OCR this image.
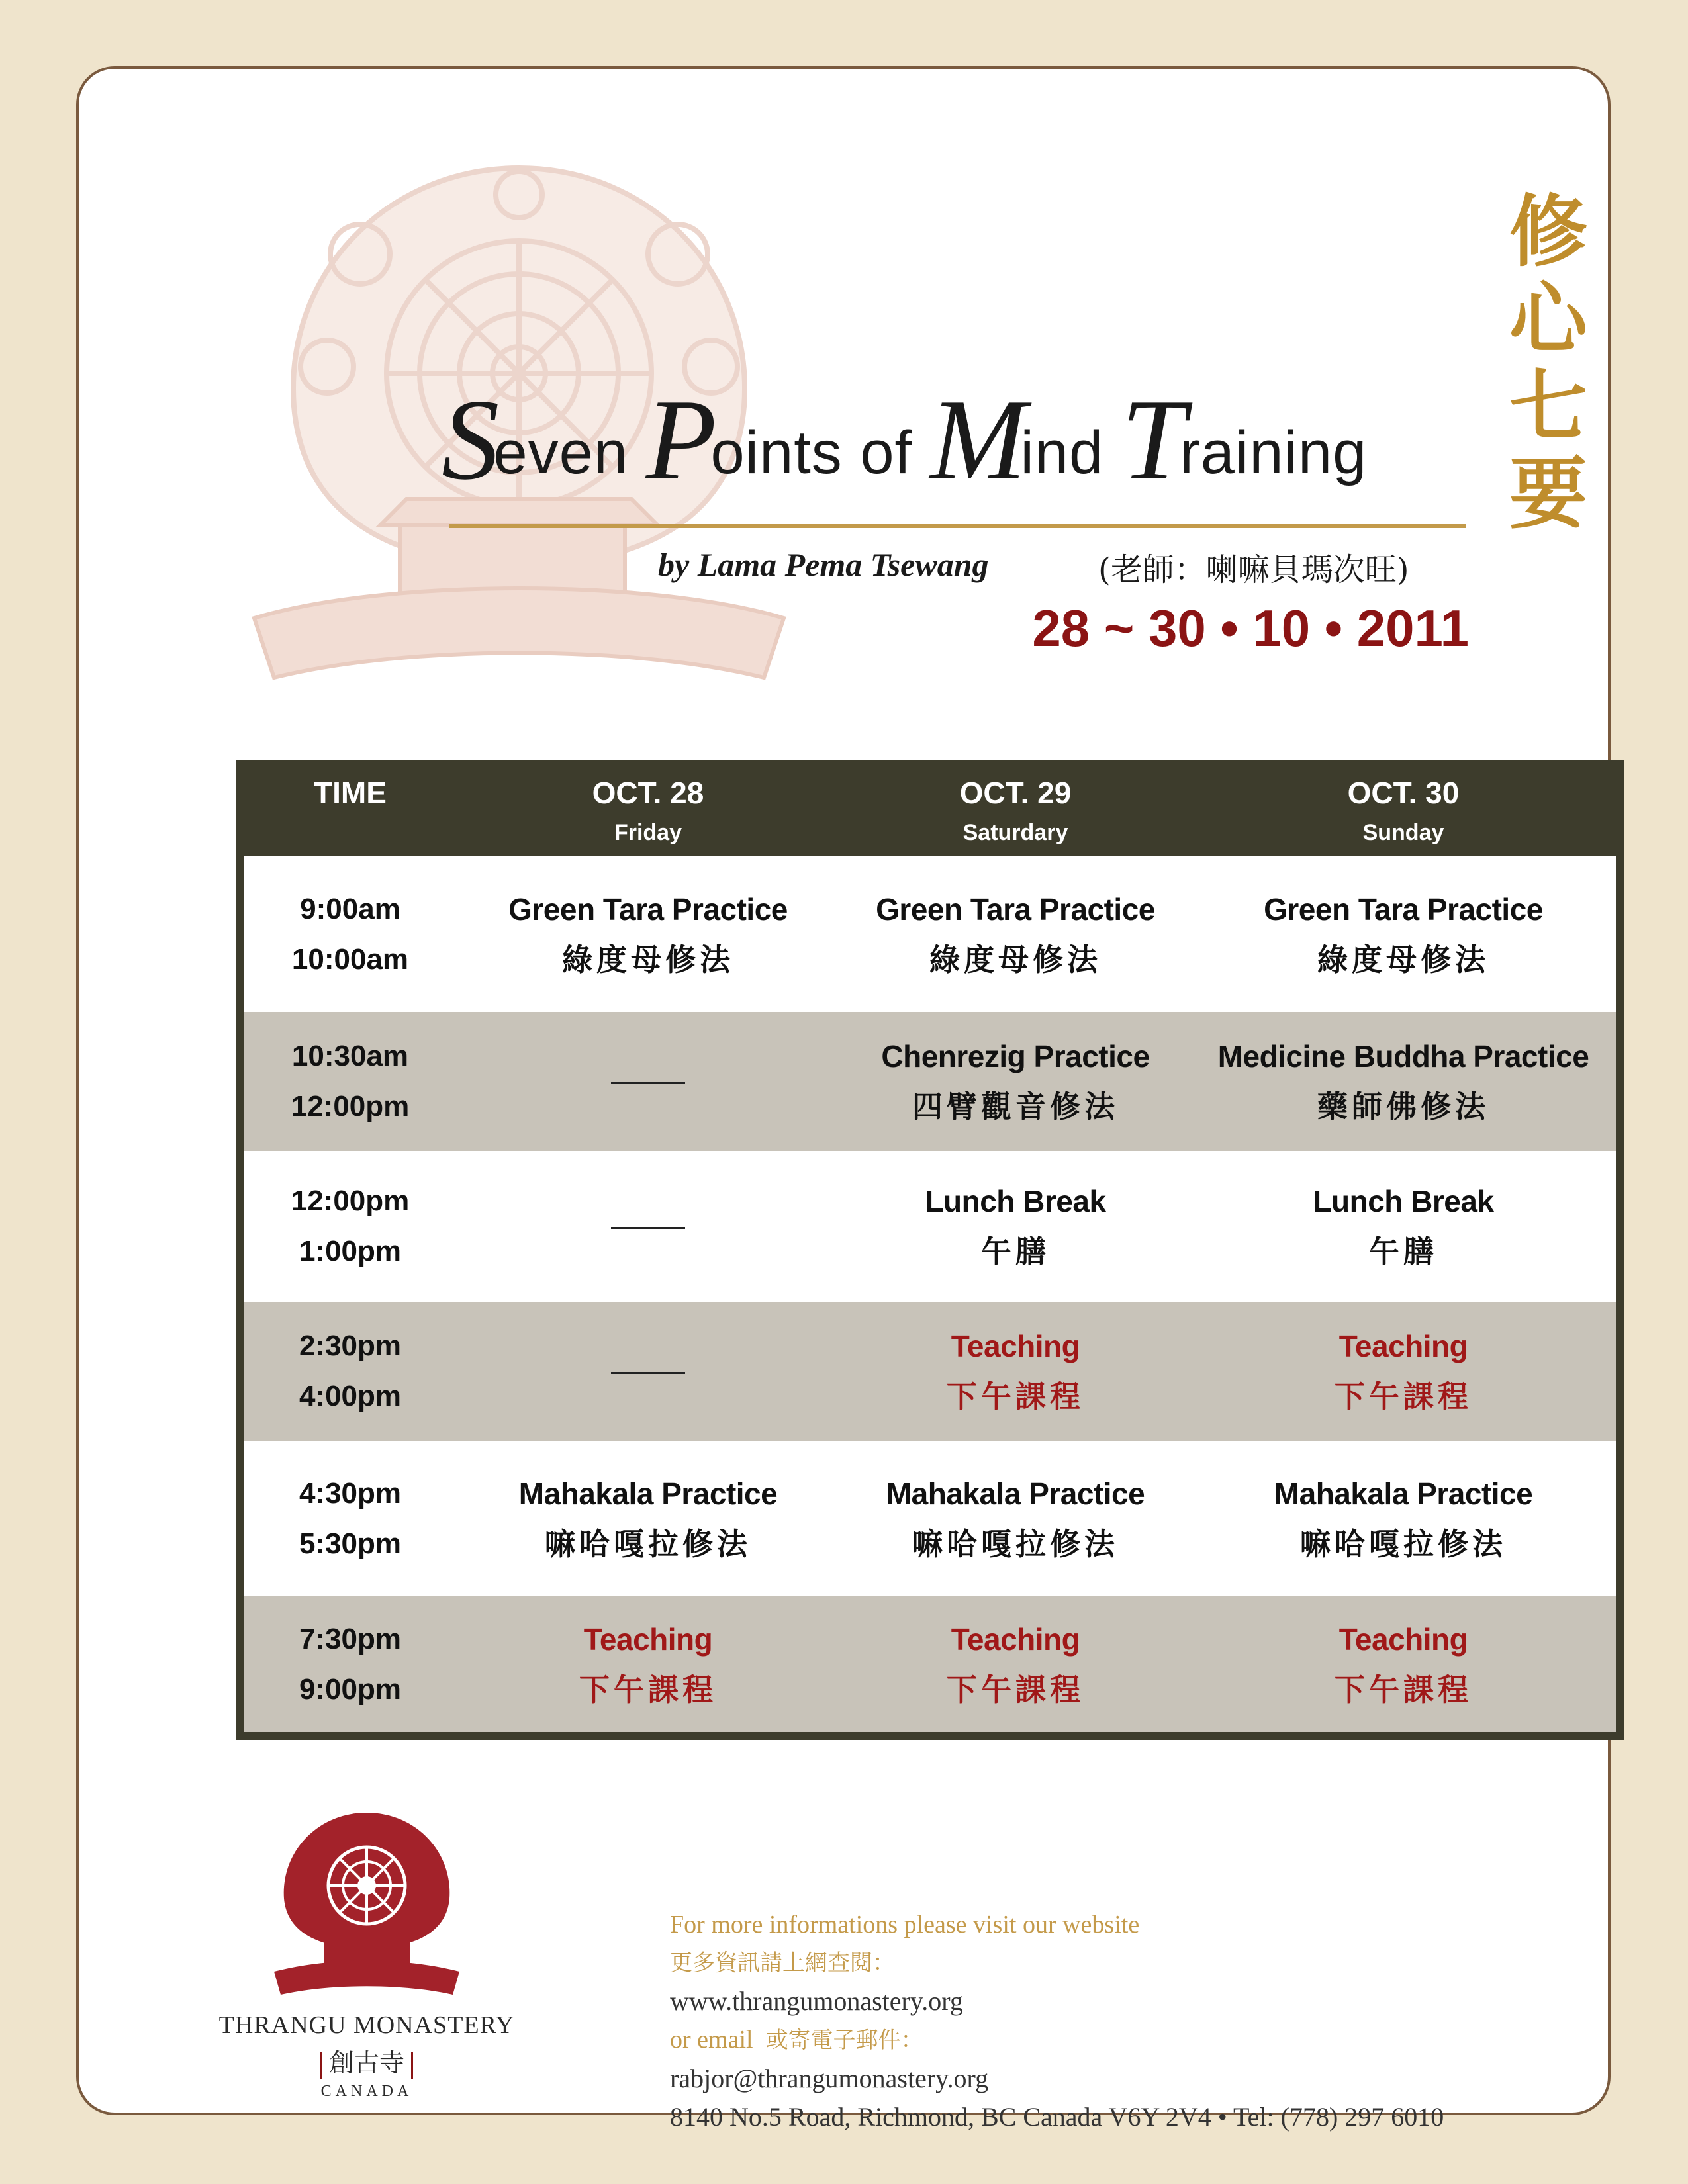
修
心
七
要
Seven Points of Mind Training
by Lama Pema Tsewang	(老師：喇嘛貝瑪次旺)
28 ~ 30 • 10 • 2011
TIME	OCT. 28
Friday
OCT. 29
Saturdary
OCT. 30
Sunday
9:00am
10:00am
Green Tara Practice
綠度母修法
Green Tara Practice
綠度母修法
Green Tara Practice
綠度母修法
10:30am
12:00pm
Chenrezig Practice
四臂觀音修法
Medicine Buddha Practice
藥師佛修法
12:00pm
1:00pm
Lunch Break
午膳
Lunch Break
午膳
2:30pm
4:00pm
Teaching
下午課程
Teaching
下午課程
4:30pm
5:30pm
Mahakala Practice
嘛哈嘎拉修法
Mahakala Practice
嘛哈嘎拉修法
Mahakala Practice
嘛哈嘎拉修法
7:30pm
9:00pm
Teaching
下午課程
Teaching
下午課程
Teaching
下午課程
THRANGU MONASTERY
創古寺
CANADA
For more informations please visit our website
更多資訊請上網查閱：
www.thrangumonastery.org
or email 或寄電子郵件：
rabjor@thrangumonastery.org
8140 No.5 Road, Richmond, BC Canada V6Y 2V4 • Tel: (778) 297 6010
